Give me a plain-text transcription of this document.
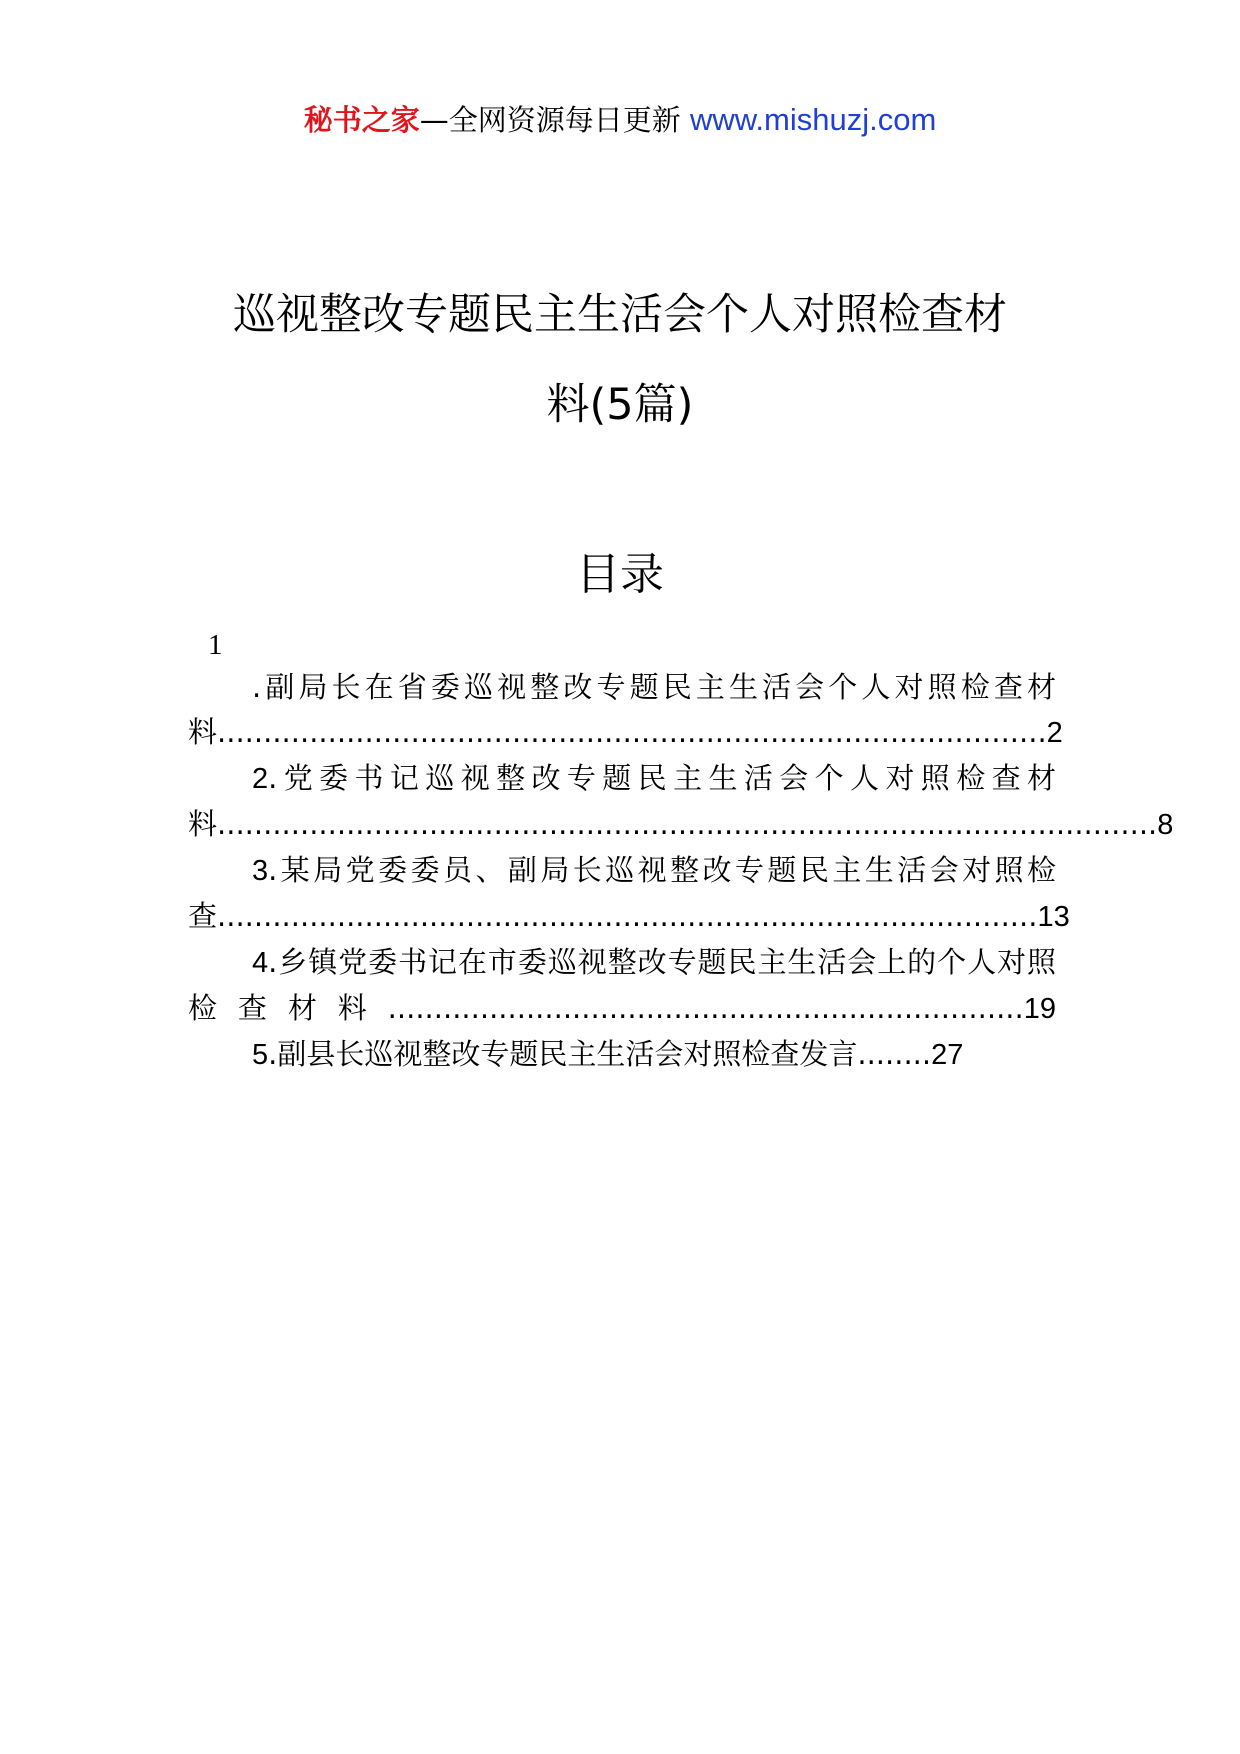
秘书之家—全网资源每日更新 www.mishuzj.com
巡视整改专题民主生活会个人对照检查材
料(5篇)
目录
1

.副局长在省委巡视整改专题民主生活会个人对照检查材料..........................................................................................2

2.党委书记巡视整改专题民主生活会个人对照检查材料......................................................................................................8

3.某局党委委员、副局长巡视整改专题民主生活会对照检查.........................................................................................13

4.乡镇党委书记在市委巡视整改专题民主生活会上的个人对照检查材料.....................................................................19

5.副县长巡视整改专题民主生活会对照检查发言........27
